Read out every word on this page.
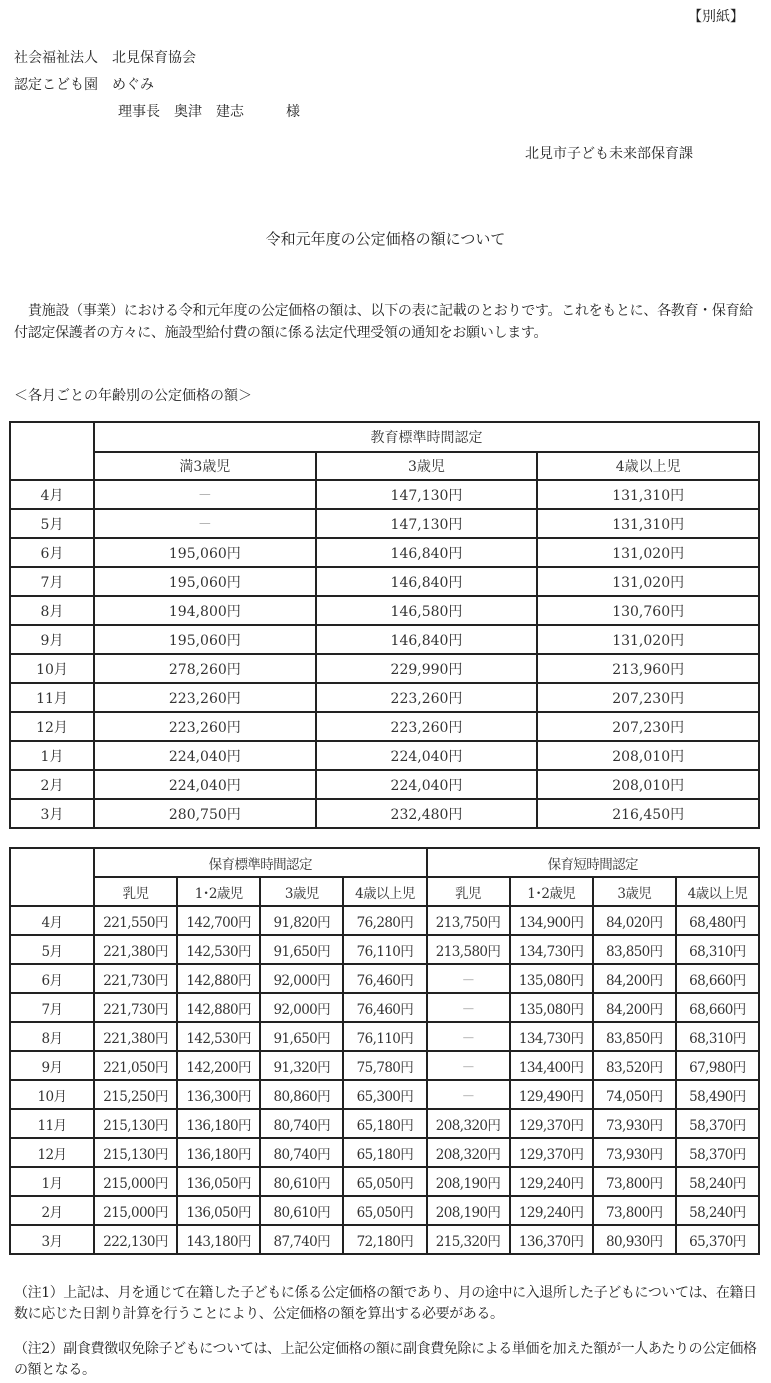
【別紙】
社会福祉法人　北見保育協会
認定こども園　めぐみ
理事長　奥津　建志	様
北見市子ども未来部保育課
令和元年度の公定価格の額について
貴施設（事業）における令和元年度の公定価格の額は、以下の表に記載のとおりです。これをもとに、各教育・保育給付認定保護者の方々に、施設型給付費の額に係る法定代理受領の通知をお願いします。
＜各月ごとの年齢別の公定価格の額＞
	教育標準時間認定		
	満3歳児	3歳児	4歳以上児
4月	－	147,130円	131,310円
5月	－	147,130円	131,310円
6月	195,060円	146,840円	131,020円
7月	195,060円	146,840円	131,020円
8月	194,800円	146,580円	130,760円
9月	195,060円	146,840円	131,020円
10月	278,260円	229,990円	213,960円
11月	223,260円	223,260円	207,230円
12月	223,260円	223,260円	207,230円
1月	224,040円	224,040円	208,010円
2月	224,040円	224,040円	208,010円
3月	280,750円	232,480円	216,450円
	保育標準時間認定				保育短時間認定			
	乳児	1･2歳児	3歳児	4歳以上児	乳児	1･2歳児	3歳児	4歳以上児
4月	221,550円	142,700円	91,820円	76,280円	213,750円	134,900円	84,020円	68,480円
5月	221,380円	142,530円	91,650円	76,110円	213,580円	134,730円	83,850円	68,310円
6月	221,730円	142,880円	92,000円	76,460円	－	135,080円	84,200円	68,660円
7月	221,730円	142,880円	92,000円	76,460円	－	135,080円	84,200円	68,660円
8月	221,380円	142,530円	91,650円	76,110円	－	134,730円	83,850円	68,310円
9月	221,050円	142,200円	91,320円	75,780円	－	134,400円	83,520円	67,980円
10月	215,250円	136,300円	80,860円	65,300円	－	129,490円	74,050円	58,490円
11月	215,130円	136,180円	80,740円	65,180円	208,320円	129,370円	73,930円	58,370円
12月	215,130円	136,180円	80,740円	65,180円	208,320円	129,370円	73,930円	58,370円
1月	215,000円	136,050円	80,610円	65,050円	208,190円	129,240円	73,800円	58,240円
2月	215,000円	136,050円	80,610円	65,050円	208,190円	129,240円	73,800円	58,240円
3月	222,130円	143,180円	87,740円	72,180円	215,320円	136,370円	80,930円	65,370円
（注1）上記は、月を通じて在籍した子どもに係る公定価格の額であり、月の途中に入退所した子どもについては、在籍日数に応じた日割り計算を行うことにより、公定価格の額を算出する必要がある。
（注2）副食費徴収免除子どもについては、上記公定価格の額に副食費免除による単価を加えた額が一人あたりの公定価格の額となる。
